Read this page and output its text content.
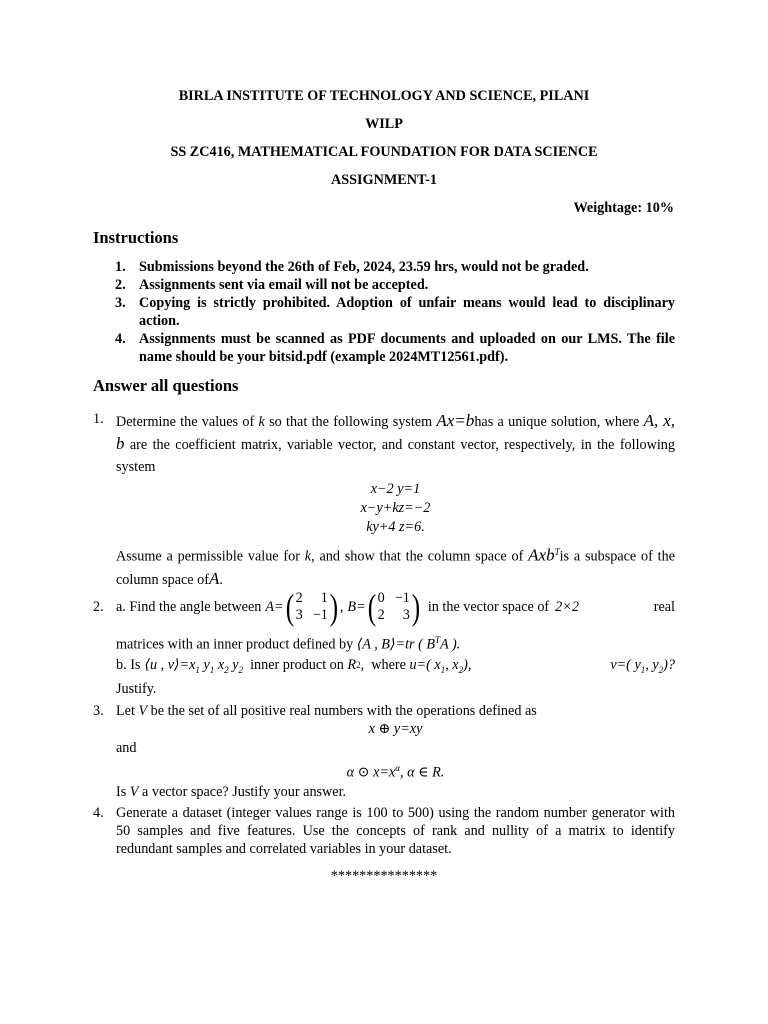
BIRLA INSTITUTE OF TECHNOLOGY AND SCIENCE, PILANI
WILP
SS ZC416, MATHEMATICAL FOUNDATION FOR DATA SCIENCE
ASSIGNMENT-1
Weightage: 10%
Instructions
1. Submissions beyond the 26th of Feb, 2024, 23.59 hrs, would not be graded.
2. Assignments sent via email will not be accepted.
3. Copying is strictly prohibited. Adoption of unfair means would lead to disciplinary action.
4. Assignments must be scanned as PDF documents and uploaded on our LMS. The file name should be your bitsid.pdf (example 2024MT12561.pdf).
Answer all questions
1. Determine the values of k so that the following system Ax=bhas a unique solution, where A, x, b are the coefficient matrix, variable vector, and constant vector, respectively, in the following system
x−2 y=1
x−y+kz=−2
ky+4 z=6.
Assume a permissible value for k, and show that the column space of Axb$^T$is a subspace of the column space ofA.
2. a. Find the angle between A= ( 2	1
3 −1 ) , B= ( 0 −1
2	3 ) in the vector space of 2×2	real
matrices with an inner product defined by ⟨A , B⟩=tr ( $B^TA$ ).
b. Is ⟨u , $v⟩=x_1$ $y_1$ $x_2$ $y_2$ inner product on R 2 ,  where u=( $x_1$, $x_2$),	v=( $y_1$, $y_2$)?
Justify.
3. Let V be the set of all positive real numbers with the operations defined as
x ⊕ y=xy
and
α ⊙ $x=x^\alpha$, α ∈ R.
Is V a vector space? Justify your answer.
4. Generate a dataset (integer values range is 100 to 500) using the random number generator with 50 samples and five features. Use the concepts of rank and nullity of a matrix to identify redundant samples and correlated variables in your dataset.
***************
